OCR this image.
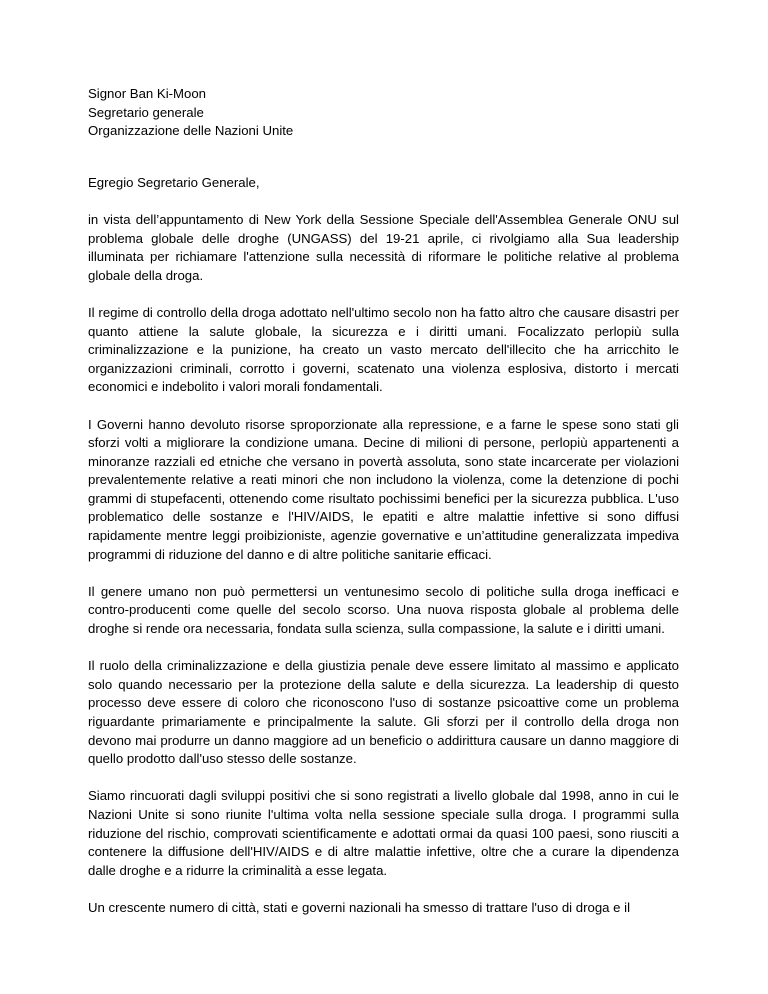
Signor Ban Ki-Moon
Segretario generale
Organizzazione delle Nazioni Unite
Egregio Segretario Generale,

in vista dell’appuntamento di New York della Sessione Speciale dell'Assemblea Generale ONU sul problema globale delle droghe (UNGASS) del 19-21 aprile, ci rivolgiamo alla Sua leadership illuminata per richiamare l'attenzione sulla necessità di riformare le politiche relative al problema globale della droga.

Il regime di controllo della droga adottato nell'ultimo secolo non ha fatto altro che causare disastri per quanto attiene la salute globale, la sicurezza e i diritti umani. Focalizzato perlopiù sulla criminalizzazione e la punizione, ha creato un vasto mercato dell'illecito che ha arricchito le organizzazioni criminali, corrotto i governi, scatenato una violenza esplosiva, distorto i mercati economici e indebolito i valori morali fondamentali.

I Governi hanno devoluto risorse sproporzionate alla repressione, e a farne le spese sono stati gli sforzi volti a migliorare la condizione umana. Decine di milioni di persone, perlopiù appartenenti a minoranze razziali ed etniche che versano in povertà assoluta, sono state incarcerate per violazioni prevalentemente relative a reati minori che non includono la violenza, come la detenzione di pochi grammi di stupefacenti, ottenendo come risultato pochissimi benefici per la sicurezza pubblica. L'uso problematico delle sostanze e l'HIV/AIDS, le epatiti e altre malattie infettive si sono diffusi rapidamente mentre leggi proibizioniste, agenzie governative e un’attitudine generalizzata impediva programmi di riduzione del danno e di altre politiche sanitarie efficaci.

Il genere umano non può permettersi un ventunesimo secolo di politiche sulla droga inefficaci e contro-producenti come quelle del secolo scorso. Una nuova risposta globale al problema delle droghe si rende ora necessaria, fondata sulla scienza, sulla compassione, la salute e i diritti umani.

Il ruolo della criminalizzazione e della giustizia penale deve essere limitato al massimo e applicato solo quando necessario per la protezione della salute e della sicurezza. La leadership di questo processo deve essere di coloro che riconoscono l'uso di sostanze psicoattive come un problema riguardante primariamente e principalmente la salute. Gli sforzi per il controllo della droga non devono mai produrre un danno maggiore ad un beneficio o addirittura causare un danno maggiore di quello prodotto dall'uso stesso delle sostanze.

Siamo rincuorati dagli sviluppi positivi che si sono registrati a livello globale dal 1998, anno in cui le Nazioni Unite si sono riunite l'ultima volta nella sessione speciale sulla droga. I programmi sulla riduzione del rischio, comprovati scientificamente e adottati ormai da quasi 100 paesi, sono riusciti a contenere la diffusione dell'HIV/AIDS e di altre malattie infettive, oltre che a curare la dipendenza dalle droghe e a ridurre la criminalità a esse legata.

Un crescente numero di città, stati e governi nazionali ha smesso di trattare l'uso di droga e il
